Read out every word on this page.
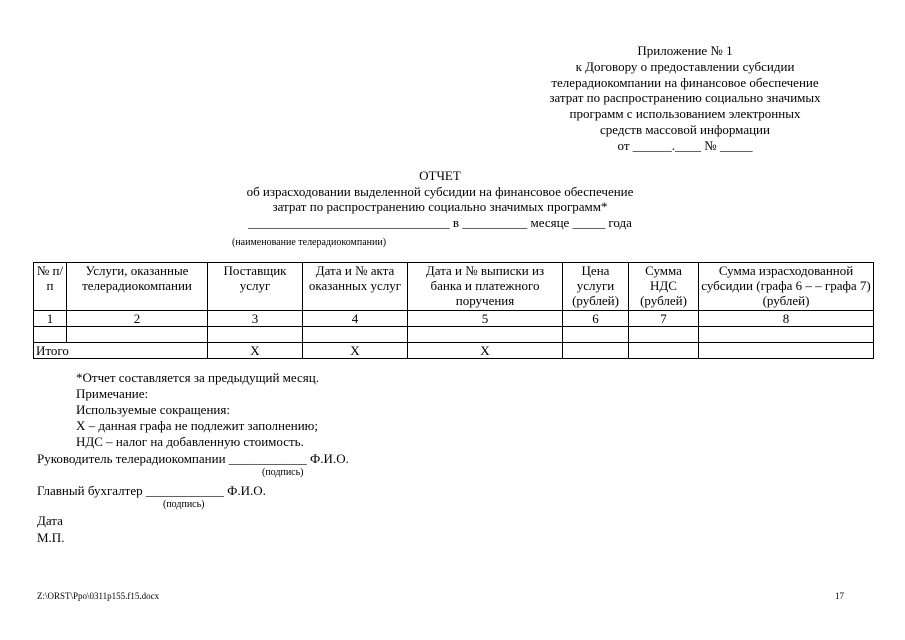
Приложение № 1
к Договору о предоставлении субсидии
телерадиокомпании на финансовое обеспечение
затрат по распространению социально значимых
программ с использованием электронных
средств массовой информации
от ______.____ № _____
ОТЧЕТ
об израсходовании выделенной субсидии на финансовое обеспечение
затрат по распространению социально значимых программ*
_______________________________ в __________ месяце _____ года
(наименование телерадиокомпании)
№ п/п	Услуги, оказанные телерадиокомпании	Поставщик услуг	Дата и № акта оказанных услуг	Дата и № выписки из банка и платежного поручения	Цена услуги (рублей)	Сумма НДС (рублей)	Сумма израсходованной субсидии (графа 6 – – графа 7) (рублей)
1	2	3	4	5	6	7	8

Итого		X	X	X			
*Отчет составляется за предыдущий месяц.
Примечание:
Используемые сокращения:
Х – данная графа не подлежит заполнению;
НДС – налог на добавленную стоимость.
Руководитель телерадиокомпании ____________ Ф.И.О.
(подпись)
Главный бухгалтер ____________ Ф.И.О.
(подпись)
Дата
М.П.
Z:\ORST\Ppo\0311p155.f15.docx	17
